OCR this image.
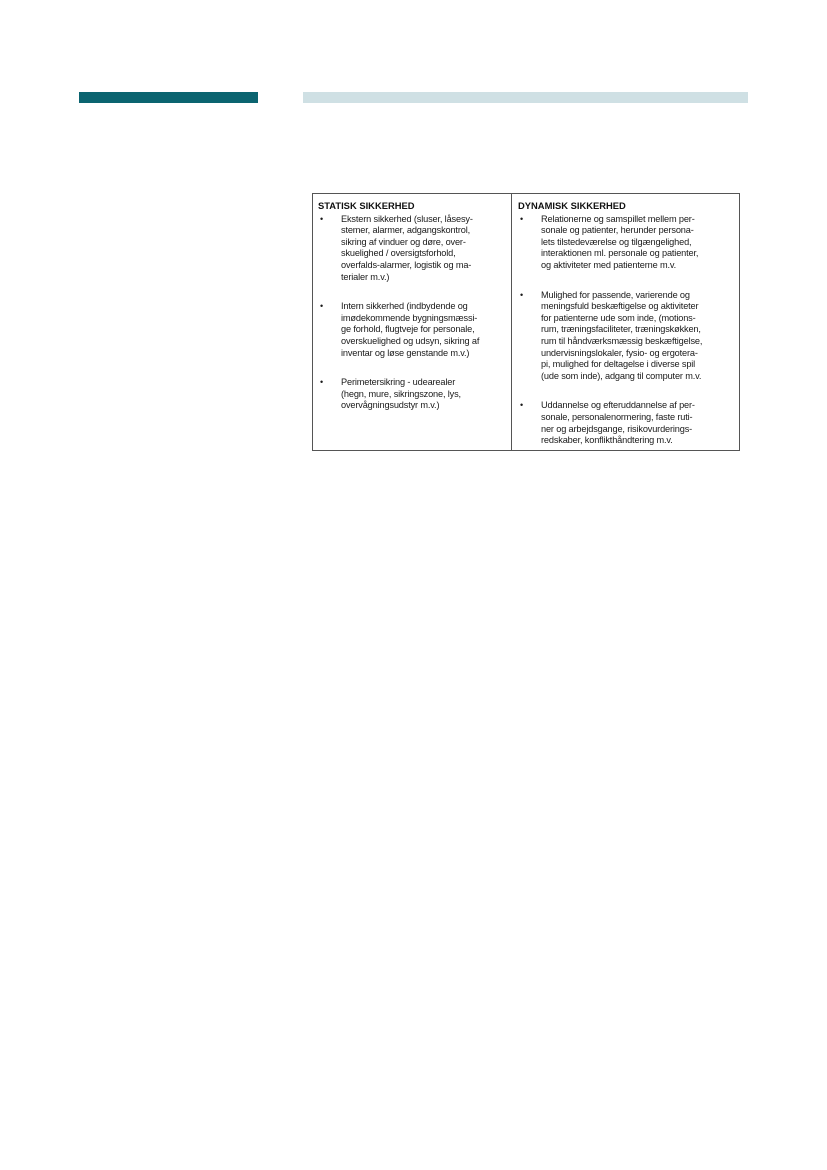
STATISK SIKKERHED
•	Ekstern sikkerhed (sluser, låsesy-
stemer, alarmer, adgangskontrol,
sikring af vinduer og døre, over-
skuelighed / oversigtsforhold,
overfalds-alarmer, logistik og ma-
terialer m.v.)
•	Intern sikkerhed (indbydende og
imødekommende bygningsmæssi-
ge forhold, flugtveje for personale,
overskuelighed og udsyn, sikring af
inventar og løse genstande m.v.)
•	Perimetersikring - udearealer
(hegn, mure, sikringszone, lys,
overvågningsudstyr m.v.)
DYNAMISK SIKKERHED
•	Relationerne og samspillet mellem per-
sonale og patienter, herunder persona-
lets tilstedeværelse og tilgængelighed,
interaktionen ml. personale og patienter,
og aktiviteter med patienterne m.v.
•	Mulighed for passende, varierende og
meningsfuld beskæftigelse og aktiviteter
for patienterne ude som inde, (motions-
rum, træningsfaciliteter, træningskøkken,
rum til håndværksmæssig beskæftigelse,
undervisningslokaler, fysio- og ergotera-
pi, mulighed for deltagelse i diverse spil
(ude som inde), adgang til computer m.v.
•	Uddannelse og efteruddannelse af per-
sonale, personalenormering, faste ruti-
ner og arbejdsgange, risikovurderings-
redskaber, konflikthåndtering m.v.
